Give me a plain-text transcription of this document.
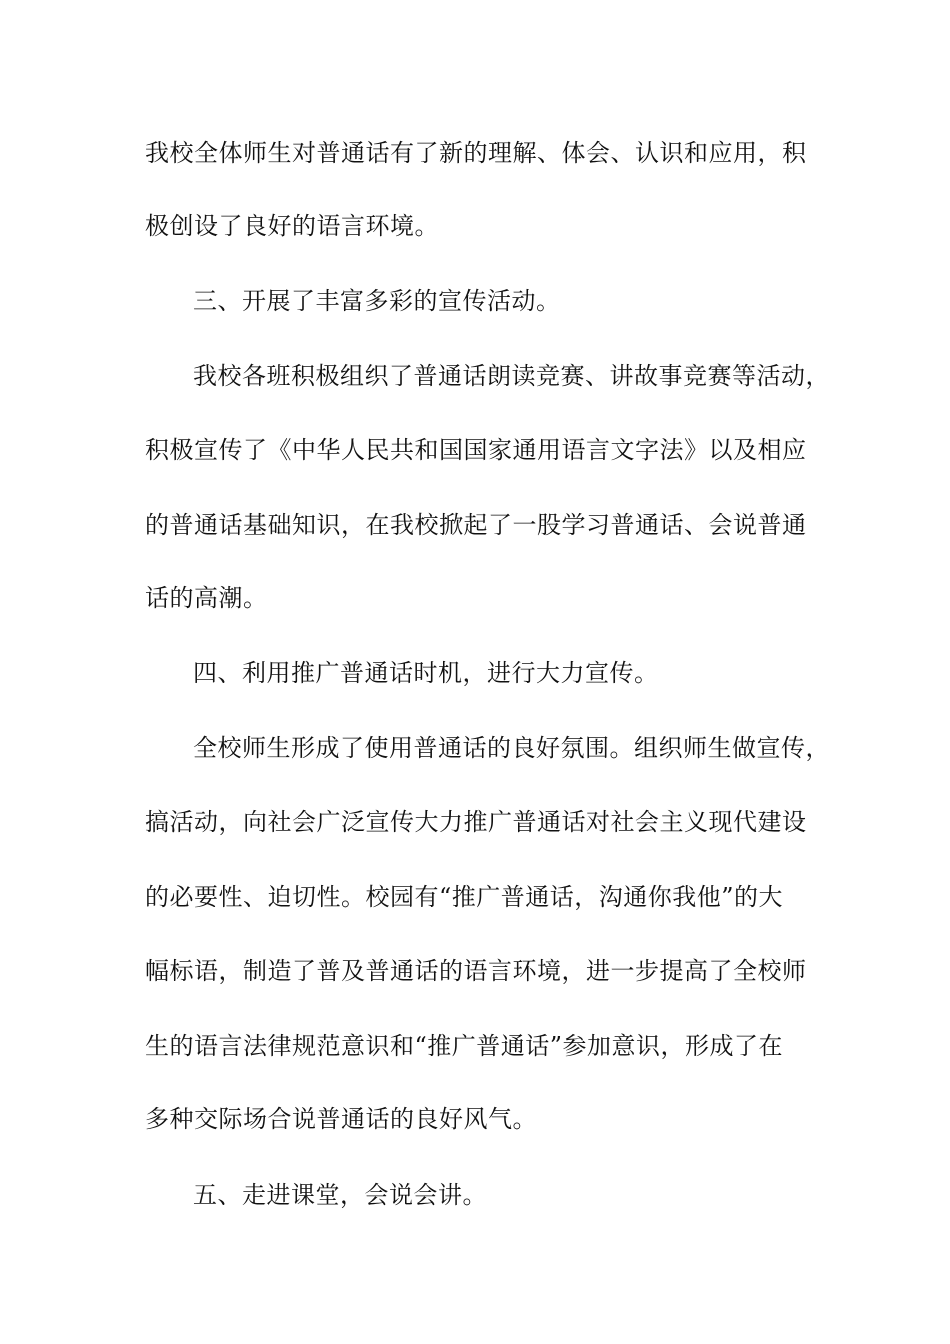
我校全体师生对普通话有了新的理解、体会、认识和应用，积
极创设了良好的语言环境。
三、开展了丰富多彩的宣传活动。
我校各班积极组织了普通话朗读竞赛、讲故事竞赛等活动，
积极宣传了《中华人民共和国国家通用语言文字法》以及相应
的普通话基础知识，在我校掀起了一股学习普通话、会说普通
话的高潮。
四、利用推广普通话时机，进行大力宣传。
全校师生形成了使用普通话的良好氛围。组织师生做宣传，
搞活动，向社会广泛宣传大力推广普通话对社会主义现代建设
的必要性、迫切性。校园有“推广普通话，沟通你我他”的大
幅标语，制造了普及普通话的语言环境，进一步提高了全校师
生的语言法律规范意识和“推广普通话”参加意识，形成了在
多种交际场合说普通话的良好风气。
五、走进课堂，会说会讲。
